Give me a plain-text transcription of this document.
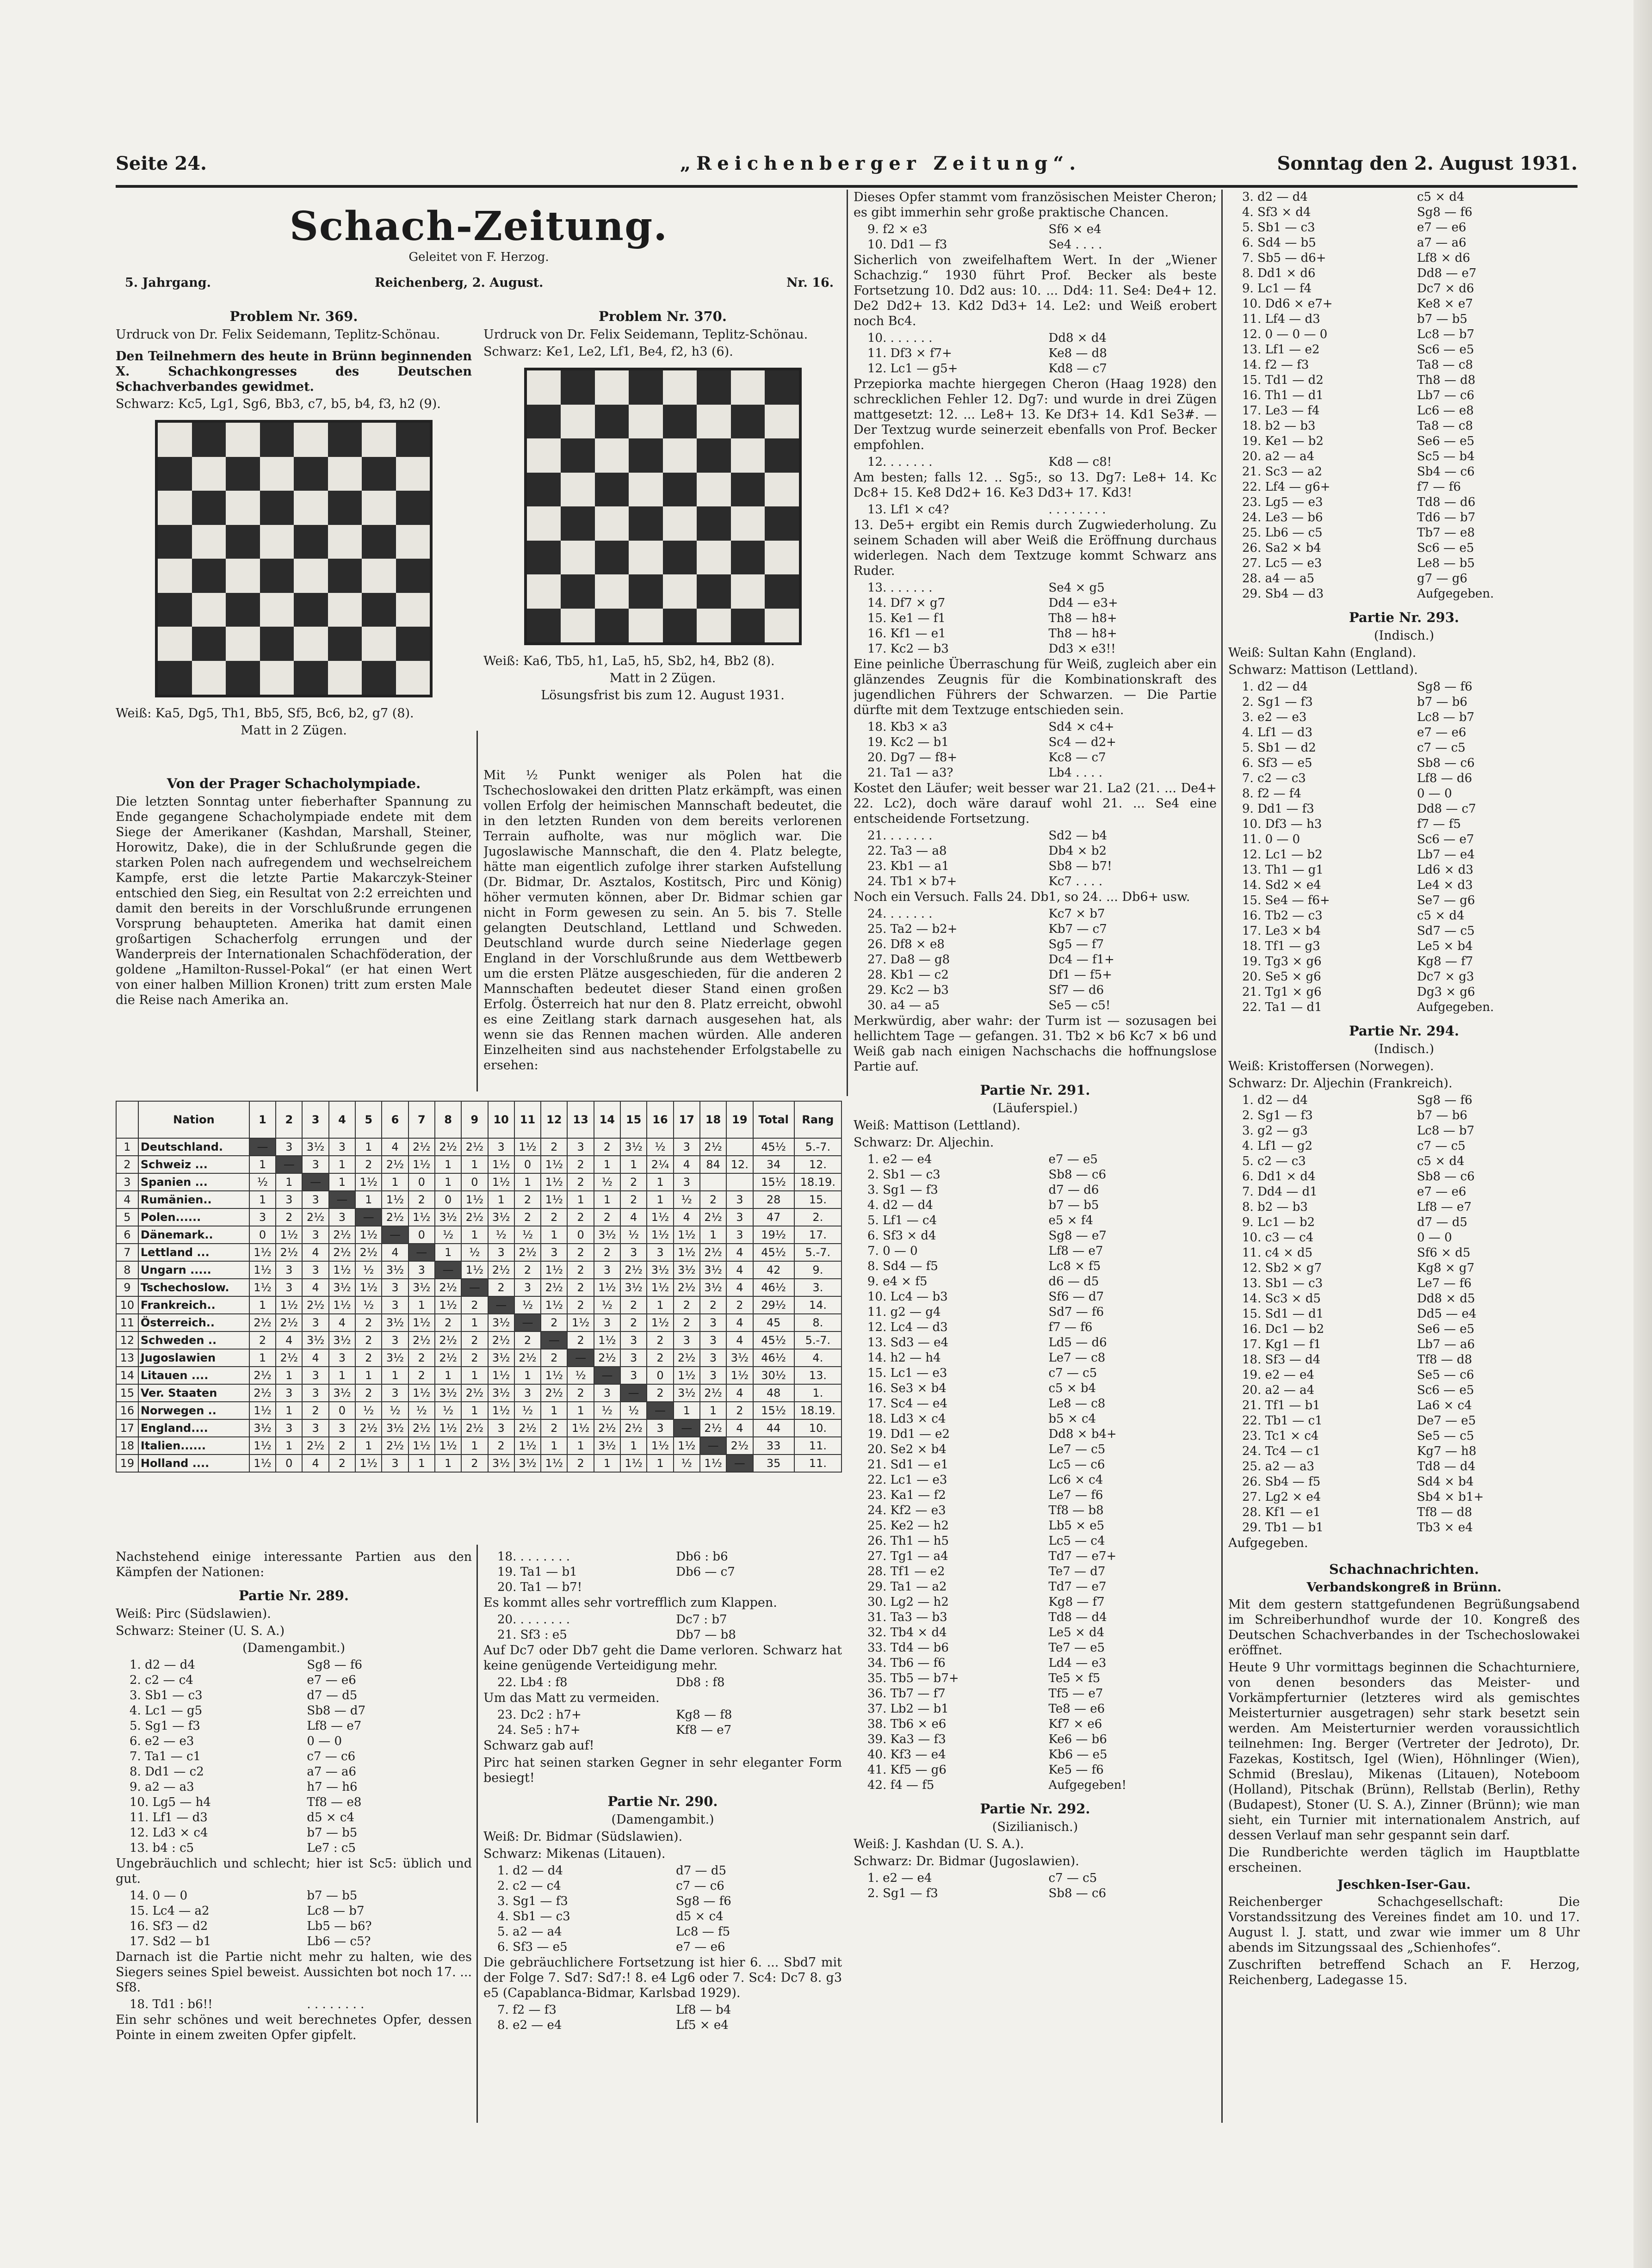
Seite 24.	„Reichenberger Zeitung“.	Sonntag den 2. August 1931.
Schach-Zeitung.
Geleitet von F. Herzog.
5. Jahrgang.	Reichenberg, 2. August.	Nr. 16.
Problem Nr. 369.

Urdruck von Dr. Felix Seidemann, Teplitz-Schönau.

Den Teilnehmern des heute in Brünn beginnenden X. Schachkongresses des Deutschen Schachverbandes gewidmet.

Schwarz: Kc5, Lg1, Sg6, Bb3, c7, b5, b4, f3, h2 (9).

Weiß: Ka5, Dg5, Th1, Bb5, Sf5, Bc6, b2, g7 (8).

Matt in 2 Zügen.

Problem Nr. 370.

Urdruck von Dr. Felix Seidemann, Teplitz-Schönau.

Schwarz: Ke1, Le2, Lf1, Be4, f2, h3 (6).

Weiß: Ka6, Tb5, h1, La5, h5, Sb2, h4, Bb2 (8).

Matt in 2 Zügen.

Lösungsfrist bis zum 12. August 1931.

Von der Prager Schacholympiade.

Die letzten Sonntag unter fieberhafter Spannung zu Ende gegangene Schacholympiade endete mit dem Siege der Amerikaner (Kashdan, Marshall, Steiner, Horowitz, Dake), die in der Schlußrunde gegen die starken Polen nach aufregendem und wechselreichem Kampfe, erst die letzte Partie Makarczyk-Steiner entschied den Sieg, ein Resultat von 2:2 erreichten und damit den bereits in der Vorschlußrunde errungenen Vorsprung behaupteten. Amerika hat damit einen großartigen Schacherfolg errungen und der Wanderpreis der Internationalen Schachföderation, der goldene „Hamilton-Russel-Pokal“ (er hat einen Wert von einer halben Million Kronen) tritt zum ersten Male die Reise nach Amerika an.

Mit ½ Punkt weniger als Polen hat die Tschechoslowakei den dritten Platz erkämpft, was einen vollen Erfolg der heimischen Mannschaft bedeutet, die in den letzten Runden von dem bereits verlorenen Terrain aufholte, was nur möglich war. Die Jugoslawische Mannschaft, die den 4. Platz belegte, hätte man eigentlich zufolge ihrer starken Aufstellung (Dr. Bidmar, Dr. Asztalos, Kostitsch, Pirc und König) höher vermuten können, aber Dr. Bidmar schien gar nicht in Form gewesen zu sein. An 5. bis 7. Stelle gelangten Deutschland, Lettland und Schweden. Deutschland wurde durch seine Niederlage gegen England in der Vorschlußrunde aus dem Wettbewerb um die ersten Plätze ausgeschieden, für die anderen 2 Mannschaften bedeutet dieser Stand einen großen Erfolg. Österreich hat nur den 8. Platz erreicht, obwohl es eine Zeitlang stark darnach ausgesehen hat, als wenn sie das Rennen machen würden. Alle anderen Einzelheiten sind aus nachstehender Erfolgstabelle zu ersehen:

	Nation	1	2	3	4	5	6	7	8	9	10	11	12	13	14	15	16	17	18	19	Total	Rang
1	Deutschland.	—	3	3½	3	1	4	2½	2½	2½	3	1½	2	3	2	3½	½	3	2½		45½	5.-7.
2	Schweiz ...	1	—	3	1	2	2½	1½	1	1	1½	0	1½	2	1	1	2¼	4	84	12.	34	12.
3	Spanien ...	½	1	—	1	1½	1	0	1	0	1½	1	1½	2	½	2	1	3			15½	18.19.
4	Rumänien..	1	3	3	—	1	1½	2	0	1½	1	2	1½	1	1	2	1	½	2	3	28	15.
5	Polen......	3	2	2½	3	—	2½	1½	3½	2½	3½	2	2	2	2	4	1½	4	2½	3	47	2.
6	Dänemark..	0	1½	3	2½	1½	—	0	½	1	½	½	1	0	3½	½	1½	1½	1	3	19½	17.
7	Lettland ...	1½	2½	4	2½	2½	4	—	1	½	3	2½	3	2	2	3	3	1½	2½	4	45½	5.-7.
8	Ungarn .....	1½	3	3	1½	½	3½	3	—	1½	2½	2	1½	2	3	2½	3½	3½	3½	4	42	9.
9	Tschechoslow.	1½	3	4	3½	1½	3	3½	2½	—	2	3	2½	2	1½	3½	1½	2½	3½	4	46½	3.
10	Frankreich..	1	1½	2½	1½	½	3	1	1½	2	—	½	1½	2	½	2	1	2	2	2	29½	14.
11	Österreich..	2½	2½	3	4	2	3½	1½	2	1	3½	—	2	1½	3	2	1½	2	3	4	45	8.
12	Schweden ..	2	4	3½	3½	2	3	2½	2½	2	2½	2	—	2	1½	3	2	3	3	4	45½	5.-7.
13	Jugoslawien	1	2½	4	3	2	3½	2	2½	2	3½	2½	2	—	2½	3	2	2½	3	3½	46½	4.
14	Litauen ....	2½	1	3	1	1	1	2	1	1	1½	1	1½	½	—	3	0	1½	3	1½	30½	13.
15	Ver. Staaten	2½	3	3	3½	2	3	1½	3½	2½	3½	3	2½	2	3	—	2	3½	2½	4	48	1.
16	Norwegen ..	1½	1	2	0	½	½	½	½	1	1½	½	1	1	½	½	—	1	1	2	15½	18.19.
17	England....	3½	3	3	3	2½	3½	2½	1½	2½	3	2½	2	1½	2½	2½	3	—	2½	4	44	10.
18	Italien......	1½	1	2½	2	1	2½	1½	1½	1	2	1½	1	1	3½	1	1½	1½	—	2½	33	11.
19	Holland ....	1½	0	4	2	1½	3	1	1	2	3½	3½	1½	2	1	1½	1	½	1½	—	35	11.

Nachstehend einige interessante Partien aus den Kämpfen der Nationen:

Partie Nr. 289.

Weiß: Pirc (Südslawien).

Schwarz: Steiner (U. S. A.)

(Damengambit.)

1. d2 — d4	Sg8 — f6
2. c2 — c4	e7 — e6
3. Sb1 — c3	d7 — d5
4. Lc1 — g5	Sb8 — d7
5. Sg1 — f3	Lf8 — e7
6. e2 — e3	0 — 0
7. Ta1 — c1	c7 — c6
8. Dd1 — c2	a7 — a6
9. a2 — a3	h7 — h6
10. Lg5 — h4	Tf8 — e8
11. Lf1 — d3	d5 × c4
12. Ld3 × c4	b7 — b5
13. b4 : c5	Le7 : c5

Ungebräuchlich und schlecht; hier ist Sc5: üblich und gut.

14. 0 — 0	b7 — b5
15. Lc4 — a2	Lc8 — b7
16. Sf3 — d2	Lb5 — b6?
17. Sd2 — b1	Lb6 — c5?

Darnach ist die Partie nicht mehr zu halten, wie des Siegers seines Spiel beweist. Aussichten bot noch 17. ... Sf8.

18. Td1 : b6!!	. . . . . . . .

Ein sehr schönes und weit berechnetes Opfer, dessen Pointe in einem zweiten Opfer gipfelt.

18. . . . . . . .	Db6 : b6
19. Ta1 — b1	Db6 — c7
20. Ta1 — b7!

Es kommt alles sehr vortrefflich zum Klappen.

20. . . . . . . .	Dc7 : b7
21. Sf3 : e5	Db7 — b8

Auf Dc7 oder Db7 geht die Dame verloren. Schwarz hat keine genügende Verteidigung mehr.

22. Lb4 : f8	Db8 : f8

Um das Matt zu vermeiden.

23. Dc2 : h7+	Kg8 — f8
24. Se5 : h7+	Kf8 — e7

Schwarz gab auf!

Pirc hat seinen starken Gegner in sehr eleganter Form besiegt!

Partie Nr. 290.

(Damengambit.)

Weiß: Dr. Bidmar (Südslawien).

Schwarz: Mikenas (Litauen).

1. d2 — d4	d7 — d5
2. c2 — c4	c7 — c6
3. Sg1 — f3	Sg8 — f6
4. Sb1 — c3	d5 × c4
5. a2 — a4	Lc8 — f5
6. Sf3 — e5	e7 — e6

Die gebräuchlichere Fortsetzung ist hier 6. ... Sbd7 mit der Folge 7. Sd7: Sd7:! 8. e4 Lg6 oder 7. Sc4: Dc7 8. g3 e5 (Capablanca-Bidmar, Karlsbad 1929).

7. f2 — f3	Lf8 — b4
8. e2 — e4	Lf5 × e4

Dieses Opfer stammt vom französischen Meister Cheron; es gibt immerhin sehr große praktische Chancen.

9. f2 × e3	Sf6 × e4
10. Dd1 — f3	Se4 . . . .

Sicherlich von zweifelhaftem Wert. In der „Wiener Schachzig.“ 1930 führt Prof. Becker als beste Fortsetzung 10. Dd2 aus: 10. ... Dd4: 11. Se4: De4+ 12. De2 Dd2+ 13. Kd2 Dd3+ 14. Le2: und Weiß erobert noch Bc4.

10. . . . . . .	Dd8 × d4
11. Df3 × f7+	Ke8 — d8
12. Lc1 — g5+	Kd8 — c7

Przepiorka machte hiergegen Cheron (Haag 1928) den schrecklichen Fehler 12. Dg7: und wurde in drei Zügen mattgesetzt: 12. ... Le8+ 13. Ke Df3+ 14. Kd1 Se3#. — Der Textzug wurde seinerzeit ebenfalls von Prof. Becker empfohlen.

12. . . . . . .	Kd8 — c8!

Am besten; falls 12. .. Sg5:, so 13. Dg7: Le8+ 14. Kc Dc8+ 15. Ke8 Dd2+ 16. Ke3 Dd3+ 17. Kd3!

13. Lf1 × c4?	. . . . . . . .

13. De5+ ergibt ein Remis durch Zugwiederholung. Zu seinem Schaden will aber Weiß die Eröffnung durchaus widerlegen. Nach dem Textzuge kommt Schwarz ans Ruder.

13. . . . . . .	Se4 × g5
14. Df7 × g7	Dd4 — e3+
15. Ke1 — f1	Th8 — h8+
16. Kf1 — e1	Th8 — h8+
17. Kc2 — b3	Dd3 × e3!!

Eine peinliche Überraschung für Weiß, zugleich aber ein glänzendes Zeugnis für die Kombinationskraft des jugendlichen Führers der Schwarzen. — Die Partie dürfte mit dem Textzuge entschieden sein.

18. Kb3 × a3	Sd4 × c4+
19. Kc2 — b1	Sc4 — d2+
20. Dg7 — f8+	Kc8 — c7
21. Ta1 — a3?	Lb4 . . . .

Kostet den Läufer; weit besser war 21. La2 (21. ... De4+ 22. Lc2), doch wäre darauf wohl 21. ... Se4 eine entscheidende Fortsetzung.

21. . . . . . .	Sd2 — b4
22. Ta3 — a8	Db4 × b2
23. Kb1 — a1	Sb8 — b7!
24. Tb1 × b7+	Kc7 . . . .

Noch ein Versuch. Falls 24. Db1, so 24. ... Db6+ usw.

24. . . . . . .	Kc7 × b7
25. Ta2 — b2+	Kb7 — c7
26. Df8 × e8	Sg5 — f7
27. Da8 — g8	Dc4 — f1+
28. Kb1 — c2	Df1 — f5+
29. Kc2 — b3	Sf7 — d6
30. a4 — a5	Se5 — c5!

Merkwürdig, aber wahr: der Turm ist — sozusagen bei hellichtem Tage — gefangen. 31. Tb2 × b6 Kc7 × b6 und Weiß gab nach einigen Nachschachs die hoffnungslose Partie auf.

Partie Nr. 291.

(Läuferspiel.)

Weiß: Mattison (Lettland).

Schwarz: Dr. Aljechin.

1. e2 — e4	e7 — e5
2. Sb1 — c3	Sb8 — c6
3. Sg1 — f3	d7 — d6
4. d2 — d4	b7 — b5
5. Lf1 — c4	e5 × f4
6. Sf3 × d4	Sg8 — e7
7. 0 — 0	Lf8 — e7
8. Sd4 — f5	Lc8 × f5
9. e4 × f5	d6 — d5
10. Lc4 — b3	Sf6 — d7
11. g2 — g4	Sd7 — f6
12. Lc4 — d3	f7 — f6
13. Sd3 — e4	Ld5 — d6
14. h2 — h4	Le7 — c8
15. Lc1 — e3	c7 — c5
16. Se3 × b4	c5 × b4
17. Sc4 — e4	Le8 — c8
18. Ld3 × c4	b5 × c4
19. Dd1 — e2	Dd8 × b4+
20. Se2 × b4	Le7 — c5
21. Sd1 — e1	Lc5 — c6
22. Lc1 — e3	Lc6 × c4
23. Ka1 — f2	Le7 — f6
24. Kf2 — e3	Tf8 — b8
25. Ke2 — h2	Lb5 × e5
26. Th1 — h5	Lc5 — c4
27. Tg1 — a4	Td7 — e7+
28. Tf1 — e2	Te7 — d7
29. Ta1 — a2	Td7 — e7
30. Lg2 — h2	Kg8 — f7
31. Ta3 — b3	Td8 — d4
32. Tb4 × d4	Le5 × d4
33. Td4 — b6	Te7 — e5
34. Tb6 — f6	Ld4 — e3
35. Tb5 — b7+	Te5 × f5
36. Tb7 — f7	Tf5 — e7
37. Lb2 — b1	Te8 — e6
38. Tb6 × e6	Kf7 × e6
39. Ka3 — f3	Ke6 — b6
40. Kf3 — e4	Kb6 — e5
41. Kf5 — g6	Ke5 — f6
42. f4 — f5	Aufgegeben!
Partie Nr. 292.

(Sizilianisch.)

Weiß: J. Kashdan (U. S. A.).

Schwarz: Dr. Bidmar (Jugoslawien).

1. e2 — e4	c7 — c5
2. Sg1 — f3	Sb8 — c6
3. d2 — d4	c5 × d4
4. Sf3 × d4	Sg8 — f6
5. Sb1 — c3	e7 — e6
6. Sd4 — b5	a7 — a6
7. Sb5 — d6+	Lf8 × d6
8. Dd1 × d6	Dd8 — e7
9. Lc1 — f4	Dc7 × d6
10. Dd6 × e7+	Ke8 × e7
11. Lf4 — d3	b7 — b5
12. 0 — 0 — 0	Lc8 — b7
13. Lf1 — e2	Sc6 — e5
14. f2 — f3	Ta8 — c8
15. Td1 — d2	Th8 — d8
16. Th1 — d1	Lb7 — c6
17. Le3 — f4	Lc6 — e8
18. b2 — b3	Ta8 — c8
19. Ke1 — b2	Se6 — e5
20. a2 — a4	Sc5 — b4
21. Sc3 — a2	Sb4 — c6
22. Lf4 — g6+	f7 — f6
23. Lg5 — e3	Td8 — d6
24. Le3 — b6	Td6 — b7
25. Lb6 — c5	Tb7 — e8
26. Sa2 × b4	Sc6 — e5
27. Lc5 — e3	Le8 — b5
28. a4 — a5	g7 — g6
29. Sb4 — d3	Aufgegeben.
Partie Nr. 293.

(Indisch.)

Weiß: Sultan Kahn (England).

Schwarz: Mattison (Lettland).

1. d2 — d4	Sg8 — f6
2. Sg1 — f3	b7 — b6
3. e2 — e3	Lc8 — b7
4. Lf1 — d3	e7 — e6
5. Sb1 — d2	c7 — c5
6. Sf3 — e5	Sb8 — c6
7. c2 — c3	Lf8 — d6
8. f2 — f4	0 — 0
9. Dd1 — f3	Dd8 — c7
10. Df3 — h3	f7 — f5
11. 0 — 0	Sc6 — e7
12. Lc1 — b2	Lb7 — e4
13. Th1 — g1	Ld6 × d3
14. Sd2 × e4	Le4 × d3
15. Se4 — f6+	Se7 — g6
16. Tb2 — c3	c5 × d4
17. Le3 × b4	Sd7 — c5
18. Tf1 — g3	Le5 × b4
19. Tg3 × g6	Kg8 — f7
20. Se5 × g6	Dc7 × g3
21. Tg1 × g6	Dg3 × g6
22. Ta1 — d1	Aufgegeben.
Partie Nr. 294.

(Indisch.)

Weiß: Kristoffersen (Norwegen).

Schwarz: Dr. Aljechin (Frankreich).

1. d2 — d4	Sg8 — f6
2. Sg1 — f3	b7 — b6
3. g2 — g3	Lc8 — b7
4. Lf1 — g2	c7 — c5
5. c2 — c3	c5 × d4
6. Dd1 × d4	Sb8 — c6
7. Dd4 — d1	e7 — e6
8. b2 — b3	Lf8 — e7
9. Lc1 — b2	d7 — d5
10. c3 — c4	0 — 0
11. c4 × d5	Sf6 × d5
12. Sb2 × g7	Kg8 × g7
13. Sb1 — c3	Le7 — f6
14. Sc3 × d5	Dd8 × d5
15. Sd1 — d1	Dd5 — e4
16. Dc1 — b2	Se6 — e5
17. Kg1 — f1	Lb7 — a6
18. Sf3 — d4	Tf8 — d8
19. e2 — e4	Se5 — c6
20. a2 — a4	Sc6 — e5
21. Tf1 — b1	La6 × c4
22. Tb1 — c1	De7 — e5
23. Tc1 × c4	Se5 — c5
24. Tc4 — c1	Kg7 — h8
25. a2 — a3	Td8 — d4
26. Sb4 — f5	Sd4 × b4
27. Lg2 × e4	Sb4 × b1+
28. Kf1 — e1	Tf8 — d8
29. Tb1 — b1	Tb3 × e4

Aufgegeben.

Schachnachrichten.

Verbandskongreß in Brünn.

Mit dem gestern stattgefundenen Begrüßungsabend im Schreiberhundhof wurde der 10. Kongreß des Deutschen Schachverbandes in der Tschechoslowakei eröffnet.

Heute 9 Uhr vormittags beginnen die Schachturniere, von denen besonders das Meister- und Vorkämpferturnier (letzteres wird als gemischtes Meisterturnier ausgetragen) sehr stark besetzt sein werden. Am Meisterturnier werden voraussichtlich teilnehmen: Ing. Berger (Vertreter der Jedroto), Dr. Fazekas, Kostitsch, Igel (Wien), Höhnlinger (Wien), Schmid (Breslau), Mikenas (Litauen), Noteboom (Holland), Pitschak (Brünn), Rellstab (Berlin), Rethy (Budapest), Stoner (U. S. A.), Zinner (Brünn); wie man sieht, ein Turnier mit internationalem Anstrich, auf dessen Verlauf man sehr gespannt sein darf.

Die Rundberichte werden täglich im Hauptblatte erscheinen.

Jeschken-Iser-Gau.

Reichenberger Schachgesellschaft: Die Vorstandssitzung des Vereines findet am 10. und 17. August l. J. statt, und zwar wie immer um 8 Uhr abends im Sitzungssaal des „Schienhofes“.

Zuschriften betreffend Schach an F. Herzog, Reichenberg, Ladegasse 15.
